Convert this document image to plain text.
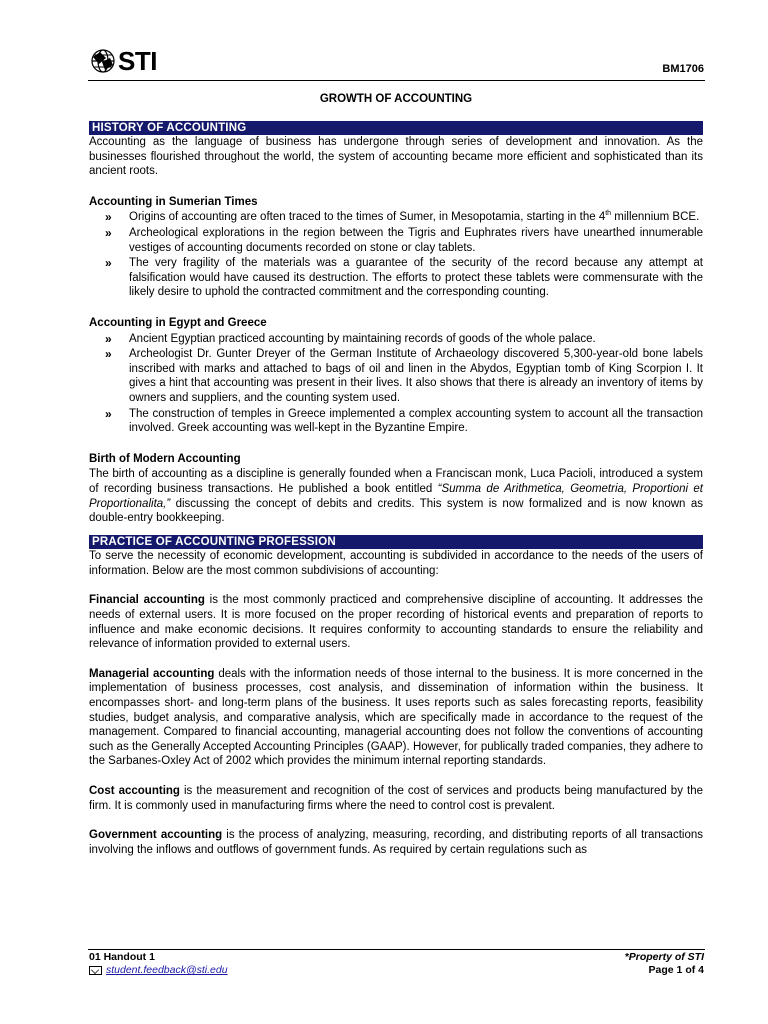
STI	BM1706
GROWTH OF ACCOUNTING
HISTORY OF ACCOUNTING

Accounting as the language of business has undergone through series of development and innovation. As the businesses flourished throughout the world, the system of accounting became more efficient and sophisticated than its ancient roots.

Accounting in Sumerian Times
» Origins of accounting are often traced to the times of Sumer, in Mesopotamia, starting in the 4th millennium BCE.
» Archeological explorations in the region between the Tigris and Euphrates rivers have unearthed innumerable vestiges of accounting documents recorded on stone or clay tablets.
» The very fragility of the materials was a guarantee of the security of the record because any attempt at falsification would have caused its destruction. The efforts to protect these tablets were commensurate with the likely desire to uphold the contracted commitment and the corresponding counting.
Accounting in Egypt and Greece
» Ancient Egyptian practiced accounting by maintaining records of goods of the whole palace.
» Archeologist Dr. Gunter Dreyer of the German Institute of Archaeology discovered 5,300-year-old bone labels inscribed with marks and attached to bags of oil and linen in the Abydos, Egyptian tomb of King Scorpion I. It gives a hint that accounting was present in their lives. It also shows that there is already an inventory of items by owners and suppliers, and the counting system used.
» The construction of temples in Greece implemented a complex accounting system to account all the transaction involved. Greek accounting was well-kept in the Byzantine Empire.
Birth of Modern Accounting

The birth of accounting as a discipline is generally founded when a Franciscan monk, Luca Pacioli, introduced a system of recording business transactions. He published a book entitled “Summa de Arithmetica, Geometria, Proportioni et Proportionalita,” discussing the concept of debits and credits. This system is now formalized and is now known as double-entry bookkeeping.

PRACTICE OF ACCOUNTING PROFESSION

To serve the necessity of economic development, accounting is subdivided in accordance to the needs of the users of information. Below are the most common subdivisions of accounting:

Financial accounting is the most commonly practiced and comprehensive discipline of accounting. It addresses the needs of external users. It is more focused on the proper recording of historical events and preparation of reports to influence and make economic decisions. It requires conformity to accounting standards to ensure the reliability and relevance of information provided to external users.

Managerial accounting deals with the information needs of those internal to the business. It is more concerned in the implementation of business processes, cost analysis, and dissemination of information within the business. It encompasses short- and long-term plans of the business. It uses reports such as sales forecasting reports, feasibility studies, budget analysis, and comparative analysis, which are specifically made in accordance to the request of the management. Compared to financial accounting, managerial accounting does not follow the conventions of accounting such as the Generally Accepted Accounting Principles (GAAP). However, for publically traded companies, they adhere to the Sarbanes-Oxley Act of 2002 which provides the minimum internal reporting standards.

Cost accounting is the measurement and recognition of the cost of services and products being manufactured by the firm. It is commonly used in manufacturing firms where the need to control cost is prevalent.

Government accounting is the process of analyzing, measuring, recording, and distributing reports of all transactions involving the inflows and outflows of government funds. As required by certain regulations such as

01 Handout 1
student.feedback@sti.edu
*Property of STI
Page 1 of 4
